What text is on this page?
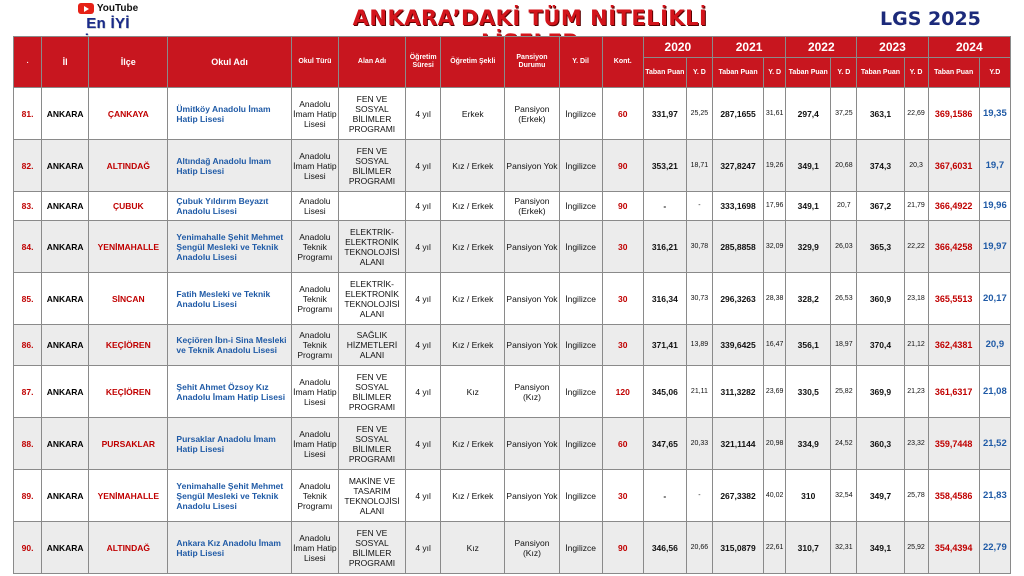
YouTube
En İYİ	ANKARA’DAKİ TÜM NİTELİKLİ	LGS 2025
.	İl	İlçe	Okul Adı	Okul Türü	Alan Adı	Öğretim Süresi	Öğretim Şekli	Pansiyon Durumu	Y. Dil	Kont.	2020		2021		2022		2023		2024	
											Taban Puan	Y. D	Taban Puan	Y. D	Taban Puan	Y. D	Taban Puan	Y. D	Taban Puan	Y.D
81.	ANKARA	ÇANKAYA	Ümitköy Anadolu İmam Hatip Lisesi	Anadolu İmam Hatip Lisesi	FEN VE SOSYAL BİLİMLER PROGRAMI	4 yıl	Erkek	Pansiyon (Erkek)	İngilizce	60	331,97	25,25	287,1655	31,61	297,4	37,25	363,1	22,69	369,1586	19,35
82.	ANKARA	ALTINDAĞ	Altındağ Anadolu İmam Hatip Lisesi	Anadolu İmam Hatip Lisesi	FEN VE SOSYAL BİLİMLER PROGRAMI	4 yıl	Kız / Erkek	Pansiyon Yok	İngilizce	90	353,21	18,71	327,8247	19,26	349,1	20,68	374,3	20,3	367,6031	19,7
83.	ANKARA	ÇUBUK	Çubuk Yıldırım Beyazıt Anadolu Lisesi	Anadolu Lisesi		4 yıl	Kız / Erkek	Pansiyon (Erkek)	İngilizce	90	-	-	333,1698	17,96	349,1	20,7	367,2	21,79	366,4922	19,96
84.	ANKARA	YENİMAHALLE	Yenimahalle Şehit Mehmet Şengül Mesleki ve Teknik Anadolu Lisesi	Anadolu Teknik Programı	ELEKTRİK-ELEKTRONİK TEKNOLOJİSİ ALANI	4 yıl	Kız / Erkek	Pansiyon Yok	İngilizce	30	316,21	30,78	285,8858	32,09	329,9	26,03	365,3	22,22	366,4258	19,97
85.	ANKARA	SİNCAN	Fatih Mesleki ve Teknik Anadolu Lisesi	Anadolu Teknik Programı	ELEKTRİK-ELEKTRONİK TEKNOLOJİSİ ALANI	4 yıl	Kız / Erkek	Pansiyon Yok	İngilizce	30	316,34	30,73	296,3263	28,38	328,2	26,53	360,9	23,18	365,5513	20,17
86.	ANKARA	KEÇİÖREN	Keçiören İbn-i Sina Mesleki ve Teknik Anadolu Lisesi	Anadolu Teknik Programı	SAĞLIK HİZMETLERİ ALANI	4 yıl	Kız / Erkek	Pansiyon Yok	İngilizce	30	371,41	13,89	339,6425	16,47	356,1	18,97	370,4	21,12	362,4381	20,9
87.	ANKARA	KEÇİÖREN	Şehit Ahmet Özsoy Kız Anadolu İmam Hatip Lisesi	Anadolu İmam Hatip Lisesi	FEN VE SOSYAL BİLİMLER PROGRAMI	4 yıl	Kız	Pansiyon (Kız)	İngilizce	120	345,06	21,11	311,3282	23,69	330,5	25,82	369,9	21,23	361,6317	21,08
88.	ANKARA	PURSAKLAR	Pursaklar Anadolu İmam Hatip Lisesi	Anadolu İmam Hatip Lisesi	FEN VE SOSYAL BİLİMLER PROGRAMI	4 yıl	Kız / Erkek	Pansiyon Yok	İngilizce	60	347,65	20,33	321,1144	20,98	334,9	24,52	360,3	23,32	359,7448	21,52
89.	ANKARA	YENİMAHALLE	Yenimahalle Şehit Mehmet Şengül Mesleki ve Teknik Anadolu Lisesi	Anadolu Teknik Programı	MAKİNE VE TASARIM TEKNOLOJİSİ ALANI	4 yıl	Kız / Erkek	Pansiyon Yok	İngilizce	30	-	-	267,3382	40,02	310	32,54	349,7	25,78	358,4586	21,83
90.	ANKARA	ALTINDAĞ	Ankara Kız Anadolu İmam Hatip Lisesi	Anadolu İmam Hatip Lisesi	FEN VE SOSYAL BİLİMLER PROGRAMI	4 yıl	Kız	Pansiyon (Kız)	İngilizce	90	346,56	20,66	315,0879	22,61	310,7	32,31	349,1	25,92	354,4394	22,79
